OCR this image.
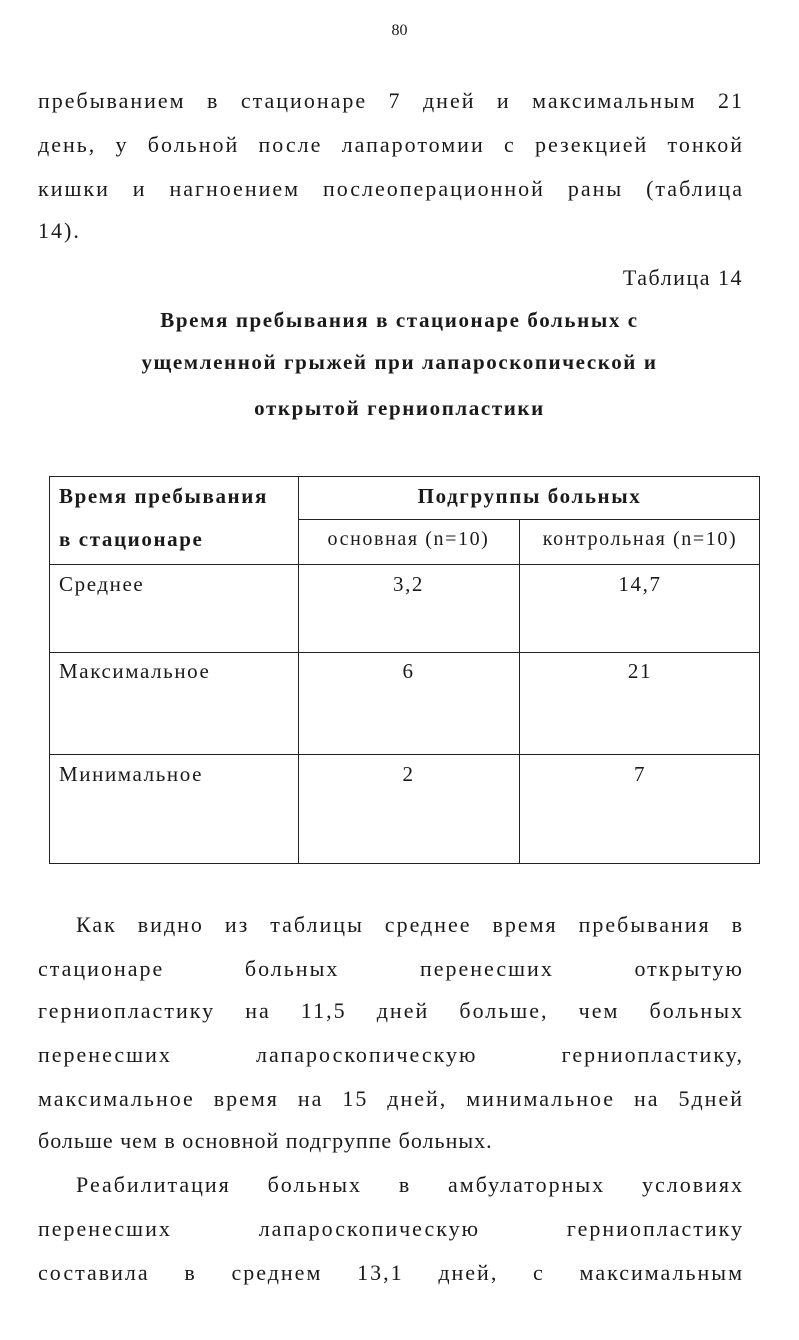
80
пребыванием в стационаре 7 дней и максимальным 21
день, у больной после лапаротомии с резекцией тонкой
кишки и нагноением послеоперационной раны (таблица
14).
Таблица 14
Время пребывания в стационаре больных с
ущемленной грыжей при лапароскопической и
открытой герниопластики
Время пребывания
в стационаре
Подгруппы больных
основная (n=10)	контрольная (n=10)
Среднее	3,2	14,7
Максимальное	6	21
Минимальное	2	7
Как видно из таблицы среднее время пребывания в
стационаре больных перенесших открытую
герниопластику на 11,5 дней больше, чем больных
перенесших лапароскопическую герниопластику,
максимальное время на 15 дней, минимальное на 5дней
больше чем в основной подгруппе больных.
Реабилитация больных в амбулаторных условиях
перенесших лапароскопическую герниопластику
составила в среднем 13,1 дней, с максимальным
